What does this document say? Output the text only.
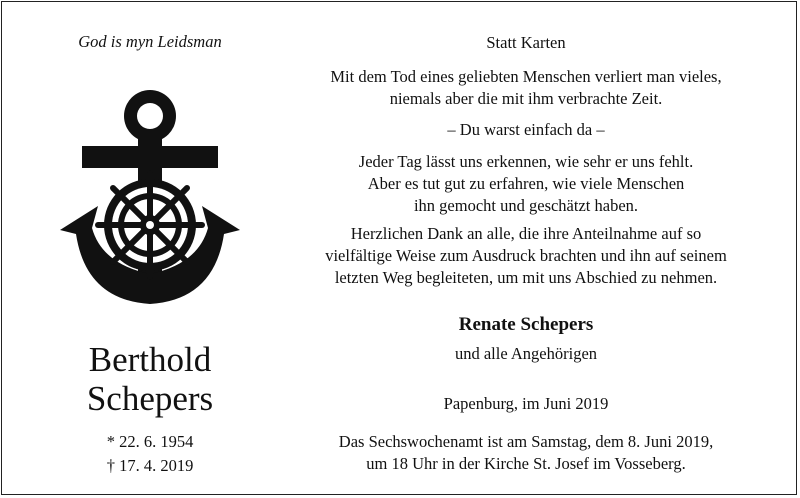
God is myn Leidsman
Berthold
Schepers
* 22. 6. 1954
† 17. 4. 2019
Statt Karten
Mit dem Tod eines geliebten Menschen verliert man vieles,
niemals aber die mit ihm verbrachte Zeit.
– Du warst einfach da –
Jeder Tag lässt uns erkennen, wie sehr er uns fehlt.
Aber es tut gut zu erfahren, wie viele Menschen
ihn gemocht und geschätzt haben.
Herzlichen Dank an alle, die ihre Anteilnahme auf so
vielfältige Weise zum Ausdruck brachten und ihn auf seinem
letzten Weg begleiteten, um mit uns Abschied zu nehmen.
Renate Schepers
und alle Angehörigen
Papenburg, im Juni 2019
Das Sechswochenamt ist am Samstag, dem 8. Juni 2019,
um 18 Uhr in der Kirche St. Josef im Vosseberg.
